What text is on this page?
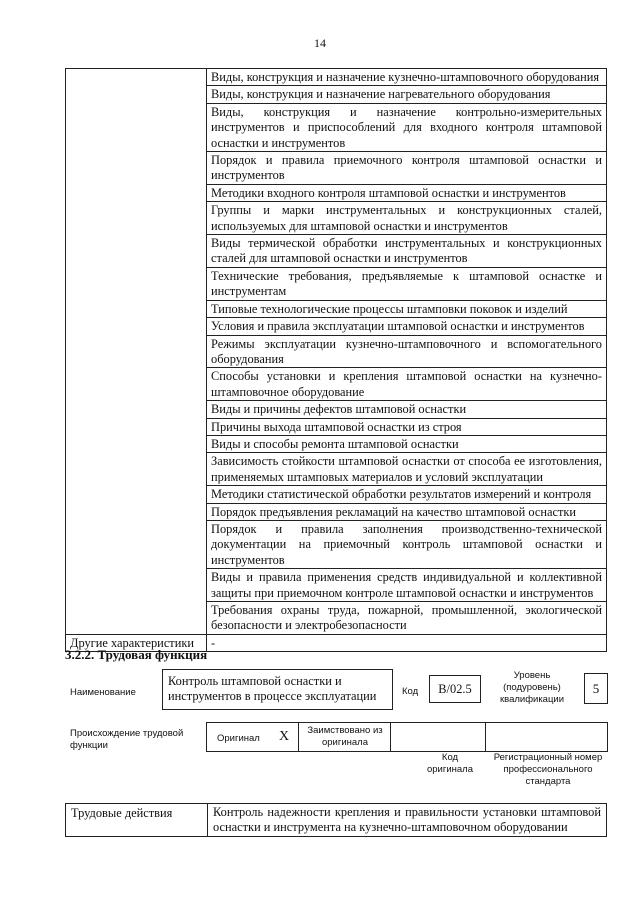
14
	Виды, конструкция и назначение кузнечно-штамповочного оборудования
	Виды, конструкция и назначение нагревательного оборудования
	Виды, конструкция и назначение контрольно-измерительных инструментов и приспособлений для входного контроля штамповой оснастки и инструментов
	Порядок и правила приемочного контроля штамповой оснастки и инструментов
	Методики входного контроля штамповой оснастки и инструментов
	Группы и марки инструментальных и конструкционных сталей, используемых для штамповой оснастки и инструментов
	Виды термической обработки инструментальных и конструкционных сталей для штамповой оснастки и инструментов
	Технические требования, предъявляемые к штамповой оснастке и инструментам
	Типовые технологические процессы штамповки поковок и изделий
	Условия и правила эксплуатации штамповой оснастки и инструментов
	Режимы эксплуатации кузнечно-штамповочного и вспомогательного оборудования
	Способы установки и крепления штамповой оснастки на кузнечно-штамповочное оборудование
	Виды и причины дефектов штамповой оснастки
	Причины выхода штамповой оснастки из строя
	Виды и способы ремонта штамповой оснастки
	Зависимость стойкости штамповой оснастки от способа ее изготовления, применяемых штамповых материалов и условий эксплуатации
	Методики статистической обработки результатов измерений и контроля
	Порядок предъявления рекламаций на качество штамповой оснастки
	Порядок и правила заполнения производственно-технической документации на приемочный контроль штамповой оснастки и инструментов
	Виды и правила применения средств индивидуальной и коллективной защиты при приемочном контроле штамповой оснастки и инструментов
	Требования охраны труда, пожарной, промышленной, экологической безопасности и электробезопасности
Другие характеристики	-
3.2.2. Трудовая функция
Наименование
Контроль штамповой оснастки и инструментов в процессе эксплуатации	Код	B/02.5
Уровень (подуровень) квалификации
5
Происхождение трудовой функции
Оригинал X	Заимствовано из оригинала
Код оригинала
Регистрационный номер профессионального стандарта
Трудовые действия	Контроль надежности крепления и правильности установки штамповой оснастки и инструмента на кузнечно-штамповочном оборудовании
